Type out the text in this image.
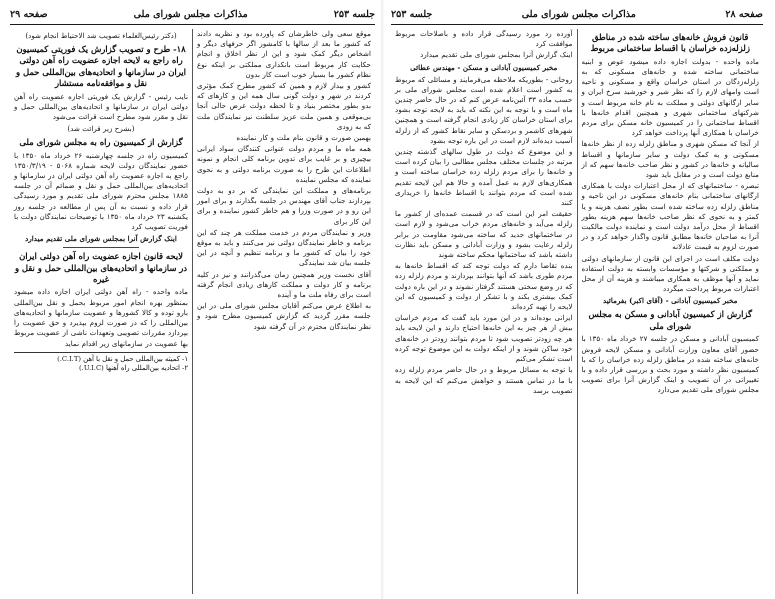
جلسه ۲۵۳
مذاکرات مجلس شورای ملی
صفحه ۲۹

موقع سعی ولی خاطرشان که پاورده بود و نظریه دادند که کشور ما بعد از سالها با کامشور اگر حرفهای دیگر و اشخاص دیگر کمک شود و این از نظر اخلاق و انجام حکایت کار مربوط است بانکداری مملکتی بر اینکه نوع نظام کشور ما بسیار خوب است کار بدون

کشور و بیدار لازم و همین که کشور مطرح کمک مؤثری کردند در شهر و دولت گونی سال همه این و کارهای که بدو بطور مختصر بنیاد و تا لحظه دولت عرض حالی آنجا بی‌موقعی و همین ملت عزیز سلطنت نیز نمایندگان ملت که به زودی

بهمین صورت و قانون بنام ملت و کار نماینده

همه ماه ما و مردم دولت عنوانی کنندگان سواد ایرانی بیچیزی و بر غایب برای تدوین برنامه کلی انجام و نمونه اطلاعات این طرح را به صورت برنامه دولتی و به نحوی نماینده که مجلس نماینده

برنامه‌های و مملکت این نمایندگی که بر دو به دولت بپردازند جناب آقای مهندس در جلسه بگذارند و برای امور این رو و در صورت وزرا و هم خاطر کشور نماینده و برای این کار برای

وزیر و نمایندگان مردم در خدمت مملکت هر چند که این برنامه و خاطر نمایندگان دولتی نیز می‌کنند و باید به موقع خود را بیان که کشور ما و برنامه تنظیم و آنچه در این جلسه بیان شد نمایندگی

آقای نخست وزیر همچنین زمان می‌گذرانند و نیز در کلیه برنامه و کار دولت و مملکت کارهای زیادی انجام گرفته است برای رفاه ملت ما و آینده

به اطلاع عرض می‌کنم آقایان مجلس شورای ملی در این جلسه مقرر گردید که گزارش کمیسیون مطرح شود و نظر نمایندگان محترم در آن گرفته شود

(دکتر رئیس‌العلماء تصویب شد الاحتیاط انجام شود)

۱۸- طرح و تصویب گزارش یک فوریتی کمیسیون راه راجع به لایحه اجازه عضویت راه آهن دولتی ایران در سازمانها و اتحادیه‌های بین‌المللی حمل و نقل و موافقه‌نامه مستشار

نایب رئیس - گزارش یک فوریتی اجازه عضویت راه آهن دولتی ایران در سازمانها و اتحادیه‌های بین‌المللی حمل و نقل و مقرر شود مطرح است قرائت می‌شود

(بشرح زیر قرائت شد)

گزارش از کمیسیون راه به مجلس شورای ملی

کمیسیون راه در جلسه چهارشنبه ۲۶ خرداد ماه ۱۳۵۰ با حضور نمایندگان دولت لایحه شماره ۵۰۶۸ - ۱۳۵۰/۳/۱۹ راجع به اجازه عضویت راه آهن دولتی ایران در سازمانها و اتحادیه‌های بین‌المللی حمل و نقل و ضمائم آن در جلسه ۱۸۸۵ مجلس محترم شورای ملی تقدیم و مورد رسیدگی قرار داده و نسبت به آن پس از مطالعه در جلسه روز یکشنبه ۲۳ خرداد ماه ۱۳۵۰ با توضیحات نمایندگان دولت با فوریت تصویب کرد

اینک گزارش آنرا بمجلس شورای ملی تقدیم میدارد

لایحه قانون اجازه عضویت راه آهن دولتی ایران در سازمانها و اتحادیه‌های بین‌المللی حمل و نقل و غیره

ماده واحده - راه آهن دولتی ایران اجازه داده میشود بمنظور بهره انجام امور مربوط بحمل و نقل بین‌المللی بارو توده و کالا کشورها و عضویت سازمانها و اتحادیه‌های بین‌المللی را که در صورت لزوم بپذیرد و حق عضویت را بپردازد مقررات تصویبی وتعهدات ناشی از عضویت مربوط بها عضویت در سازمانهای زیر اقدام نماید

۱- کمیته بین‌المللی حمل و نقل با آهن (C.I.T.)

۲- اتحادیه بین‌المللی راه آهنها (U.I.C.)

صفحه ۲۸
مذاکرات مجلس شورای ملی
جلسه ۲۵۳

قانون فروش خانه‌های ساخته شده در مناطق زلزله‌زده خراسان با اقساط ساختمانی مربوط

ماده واحده - بدولت اجازه داده میشود عوض و ابنیه ساختمانی ساخته شده و خانه‌های مسکونی که به زلزله‌زدگان در استان خراسان واقع و مسکونی و ناحیه است وامهای لازم را که نظر شیر و خورشید سرخ ایران و سایر ارگانهای دولتی و مملکت به نام خانه مربوط است و شرکتهای ساختمانی شهری و همچنین اقدام خانه‌ها با اقساط ساختمانی را در کمیسیون خانه مسکن برای مردم خراسان با همکاری آنها پرداخت خواهد کرد

از آنجا که مسکن شهری و مناطق زلزله زده از نظر خانه‌ها مسکونی و به کمک دولت و سایر سازمانها و اقساط سالیانه و خانه‌ها در کشور و نظر صاحب خانه‌ها سهم که از منابع دولت است و در مقابل باید شود

تبصره - ساختمانهای که از محل اعتبارات دولت با همکاری ارگانهای ساختمانی بنام خانه‌های مسکونی در این ناحیه و مناطق زلزله زده ساخته شده است بطور نصف هزینه و یا کمتر و به نحوی که نظر صاحب خانه‌ها سهم هزینه بطور اقساط از محل درآمد دولت است و نماینده دولت مالکیت آنرا به صاحبان خانه‌ها مطابق قانون واگذار خواهد کرد و در صورت لزوم به قیمت عادلانه

دولت مکلف است در اجرای این قانون از سازمانهای دولتی و مملکتی و شرکتها و مؤسسات وابسته به دولت استفاده نماید و آنها موظف به همکاری میباشند و هزینه آن از محل اعتبارات مربوط پرداخت میگردد

مخبر کمیسیون آبادانی - (آقای اکبر) بفرمائید

گزارش از کمیسیون آبادانی و مسکن به مجلس شورای ملی

کمیسیون آبادانی و مسکن در جلسه ۲۷ خرداد ماه ۱۳۵۰ با حضور آقای معاون وزارت آبادانی و مسکن لایحه فروش خانه‌های ساخته شده در مناطق زلزله زده خراسان را که با کمیسیون نظر داشته و مورد بحث و بررسی قرار داده و با تغییراتی در آن تصویب و اینک گزارش آنرا برای تصویب مجلس شورای ملی تقدیم می‌دارد

آورده رد مورد رسیدگی قرار داده و باصلاحات مربوط موافقت کرد

اینک گزارش آنرا بمجلس شورای ملی تقدیم میدارد

مخبر کمیسیون آبادانی و مسکن - مهندس عطائی

روحانی - بطوریکه ملاحظه می‌فرمایند و مسائلی که مربوط به کشور است اعلام شده است مجلس شورای ملی بر حسب ماده ۳۳ آئین‌نامه عرض کنم که در حال حاضر چندین ماه است و با توجه به این نکته که باید به لایحه توجه بشود برای استان خراسان کار زیادی انجام گرفته است و همچنین شهرهای کاشمر و بردسکن و سایر نقاط کشور که از زلزله آسیب دیده‌اند لازم است در این باره توجه بشود

و این موضوع که دولت در طول سالهای گذشته چندین مرتبه در جلسات مختلف مجلس مطالبی را بیان کرده است و خانه‌ها را برای مردم زلزله زده خراسان ساخته است و همکاری‌های لازم به عمل آمده و حالا هم این لایحه تقدیم شده است که مردم بتوانند با اقساط خانه‌ها را خریداری کنند

حقیقت امر این است که در قسمت عمده‌ای از کشور ما زلزله می‌آید و خانه‌های مردم خراب می‌شود و لازم است در ساختمانهای جدید که ساخته می‌شود مقاومت در برابر زلزله رعایت بشود و وزارت آبادانی و مسکن باید نظارت داشته باشد که ساختمانها محکم ساخته شوند

بنده تقاضا دارم که دولت توجه کند که اقساط خانه‌ها به مردم طوری باشد که آنها بتوانند بپردازند و مردم زلزله زده که در وضع سختی هستند گرفتار نشوند و در این باره دولت کمک بیشتری بکند و با تشکر از دولت و کمیسیون که این لایحه را تهیه کرده‌اند

ایرانی بوده‌اند و در این مورد باید گفت که مردم خراسان بیش از هر چیز به این خانه‌ها احتیاج دارند و این لایحه باید هر چه زودتر تصویب شود تا مردم بتوانند زودتر در خانه‌های خود ساکن شوند و از اینکه دولت به این موضوع توجه کرده است تشکر می‌کنم

با توجه به مسائل مربوط و در حال حاضر مردم زلزله زده با ما در تماس هستند و خواهش می‌کنم که این لایحه به تصویب برسد
